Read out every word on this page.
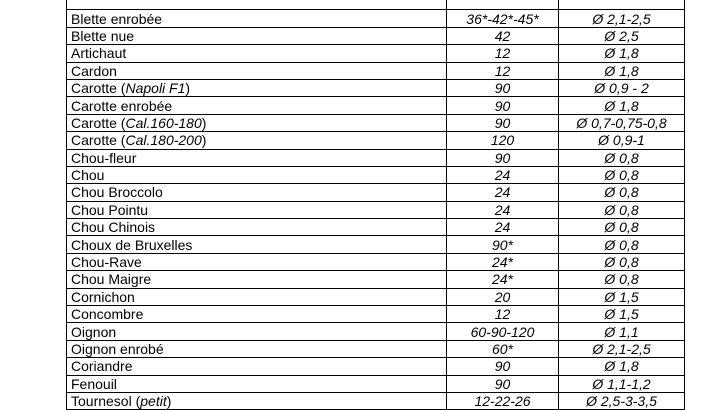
Blette enrobée	36*-42*-45*	Ø 2,1-2,5
Blette nue	42	Ø 2,5
Artichaut	12	Ø 1,8
Cardon	12	Ø 1,8
Carotte (Napoli F1)	90	Ø 0,9 - 2
Carotte enrobée	90	Ø 1,8
Carotte (Cal.160-180)	90	Ø 0,7-0,75-0,8
Carotte (Cal.180-200)	120	Ø 0,9-1
Chou-fleur	90	Ø 0,8
Chou	24	Ø 0,8
Chou Broccolo	24	Ø 0,8
Chou Pointu	24	Ø 0,8
Chou Chinois	24	Ø 0,8
Choux de Bruxelles	90*	Ø 0,8
Chou-Rave	24*	Ø 0,8
Chou Maigre	24*	Ø 0,8
Cornichon	20	Ø 1,5
Concombre	12	Ø 1,5
Oignon	60-90-120	Ø 1,1
Oignon enrobé	60*	Ø 2,1-2,5
Coriandre	90	Ø 1,8
Fenouil	90	Ø 1,1-1,2
Tournesol (petit)	12-22-26	Ø 2,5-3-3,5
